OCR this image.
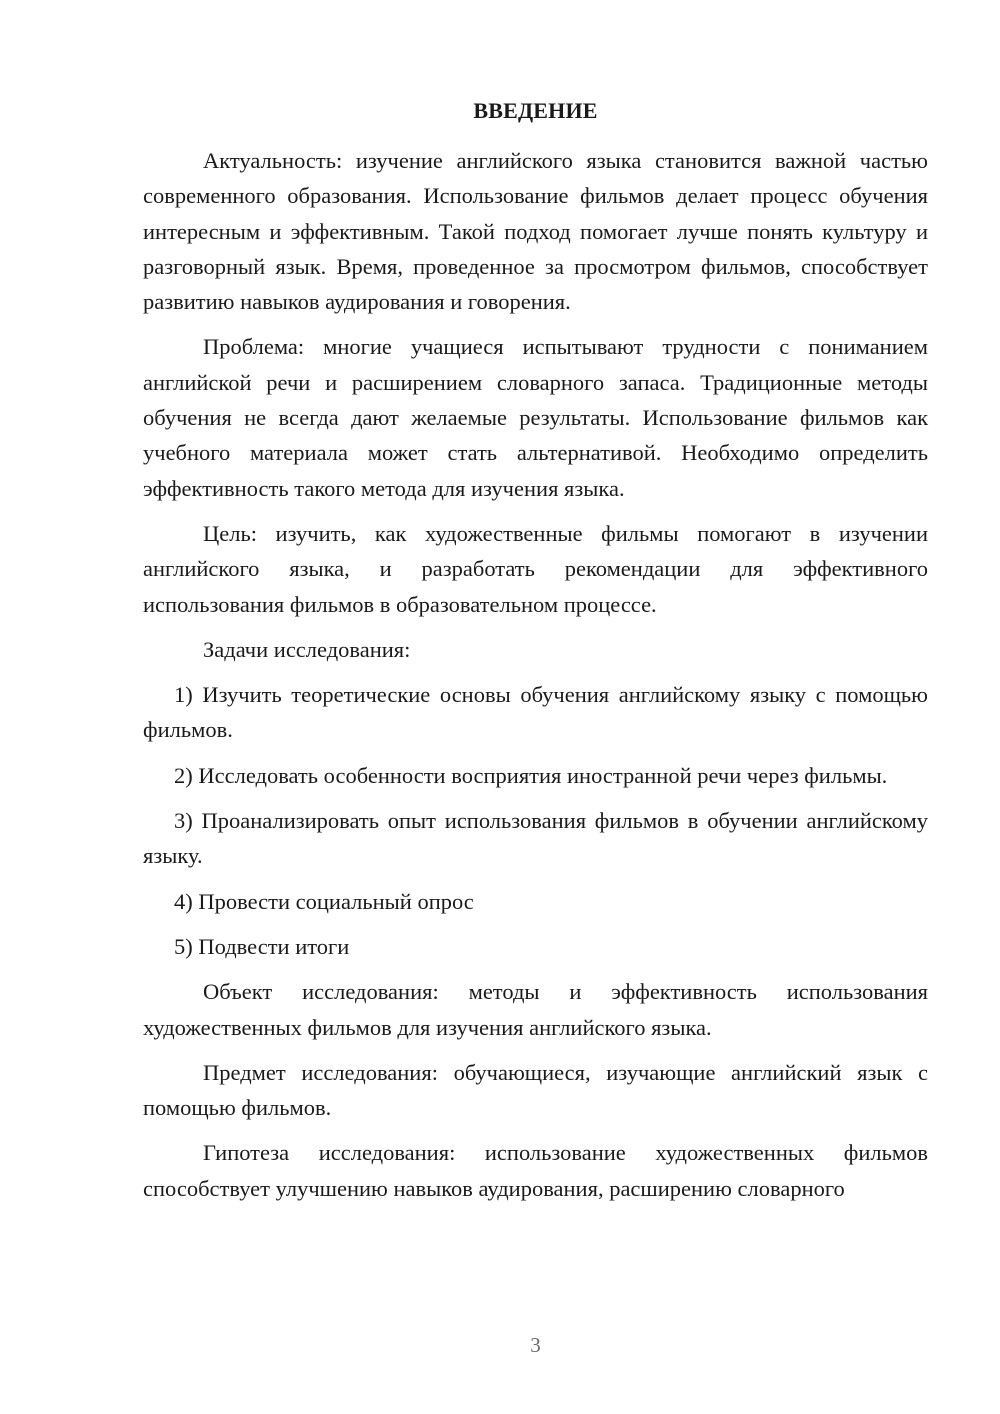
ВВЕДЕНИЕ

Актуальность: изучение английского языка становится важной частью современного образования. Использование фильмов делает процесс обучения интересным и эффективным. Такой подход помогает лучше понять культуру и разговорный язык. Время, проведенное за просмотром фильмов, способствует развитию навыков аудирования и говорения.

Проблема: многие учащиеся испытывают трудности с пониманием английской речи и расширением словарного запаса. Традиционные методы обучения не всегда дают желаемые результаты. Использование фильмов как учебного материала может стать альтернативой. Необходимо определить эффективность такого метода для изучения языка.

Цель: изучить, как художественные фильмы помогают в изучении английского языка, и разработать рекомендации для эффективного использования фильмов в образовательном процессе.

Задачи исследования:

1) Изучить теоретические основы обучения английскому языку с помощью фильмов.

2) Исследовать особенности восприятия иностранной речи через фильмы.

3) Проанализировать опыт использования фильмов в обучении английскому языку.

4) Провести социальный опрос

5) Подвести итоги

Объект исследования: методы и эффективность использования художественных фильмов для изучения английского языка.

Предмет исследования: обучающиеся, изучающие английский язык с помощью фильмов.

Гипотеза исследования: использование художественных фильмов способствует улучшению навыков аудирования, расширению словарного

3
